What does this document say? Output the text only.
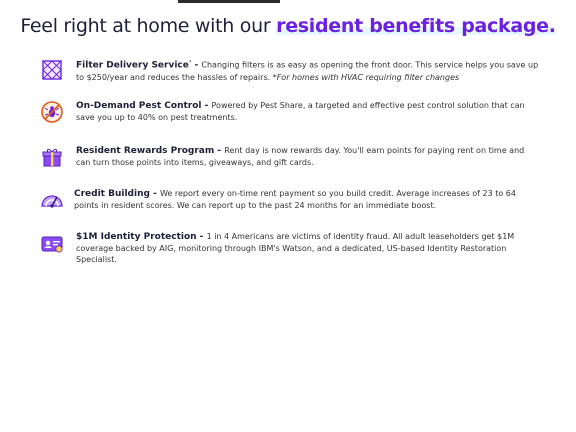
Feel right at home with our resident benefits package.
Filter Delivery Service* - Changing filters is as easy as opening the front door. This service helps you save up to $250/year and reduces the hassles of repairs. *For homes with HVAC requiring filter changes
On-Demand Pest Control - Powered by Pest Share, a targeted and effective pest control solution that can save you up to 40% on pest treatments.
Resident Rewards Program - Rent day is now rewards day. You'll earn points for paying rent on time and can turn those points into items, giveaways, and gift cards.
Credit Building - We report every on-time rent payment so you build credit. Average increases of 23 to 64 points in resident scores. We can report up to the past 24 months for an immediate boost.
$1M Identity Protection - 1 in 4 Americans are victims of identity fraud. All adult leaseholders get $1M coverage backed by AIG, monitoring through IBM's Watson, and a dedicated, US-based Identity Restoration Specialist.
